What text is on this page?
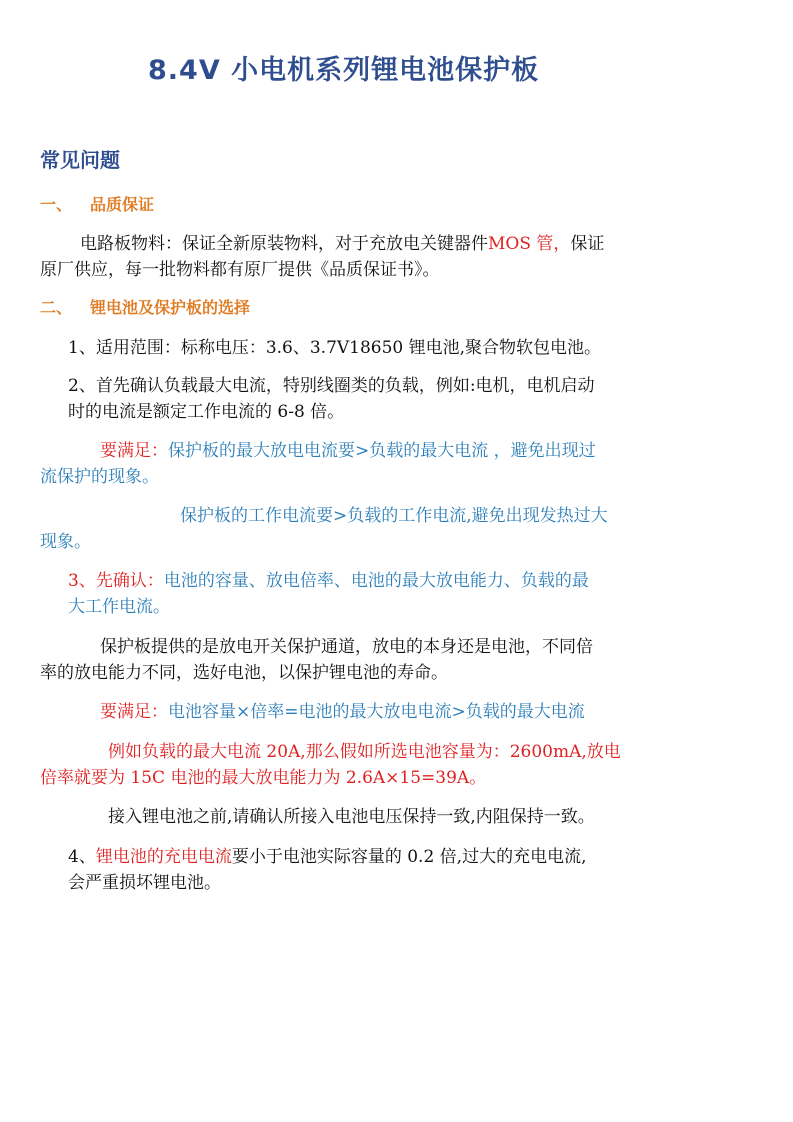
8.4V 小电机系列锂电池保护板
常见问题
一、 品质保证

电路板物料：保证全新原装物料，对于充放电关键器件MOS 管，保证

原厂供应，每一批物料都有原厂提供《品质保证书》。

二、 锂电池及保护板的选择

1、适用范围：标称电压：3.6、3.7V18650 锂电池,聚合物软包电池。

2、首先确认负载最大电流，特别线圈类的负载，例如:电机，电机启动

时的电流是额定工作电流的 6-8 倍。

要满足：保护板的最大放电电流要>负载的最大电流 ，避免出现过

流保护的现象。

保护板的工作电流要>负载的工作电流,避免出现发热过大

现象。

3、先确认：电池的容量、放电倍率、电池的最大放电能力、负载的最

大工作电流。

保护板提供的是放电开关保护通道，放电的本身还是电池，不同倍

率的放电能力不同，选好电池，以保护锂电池的寿命。

要满足：电池容量×倍率=电池的最大放电电流>负载的最大电流

例如负载的最大电流 20A,那么假如所选电池容量为：2600mA,放电

倍率就要为 15C 电池的最大放电能力为 2.6A×15=39A。

接入锂电池之前,请确认所接入电池电压保持一致,内阻保持一致。

4、锂电池的充电电流要小于电池实际容量的 0.2 倍,过大的充电电流,

会严重损坏锂电池。
